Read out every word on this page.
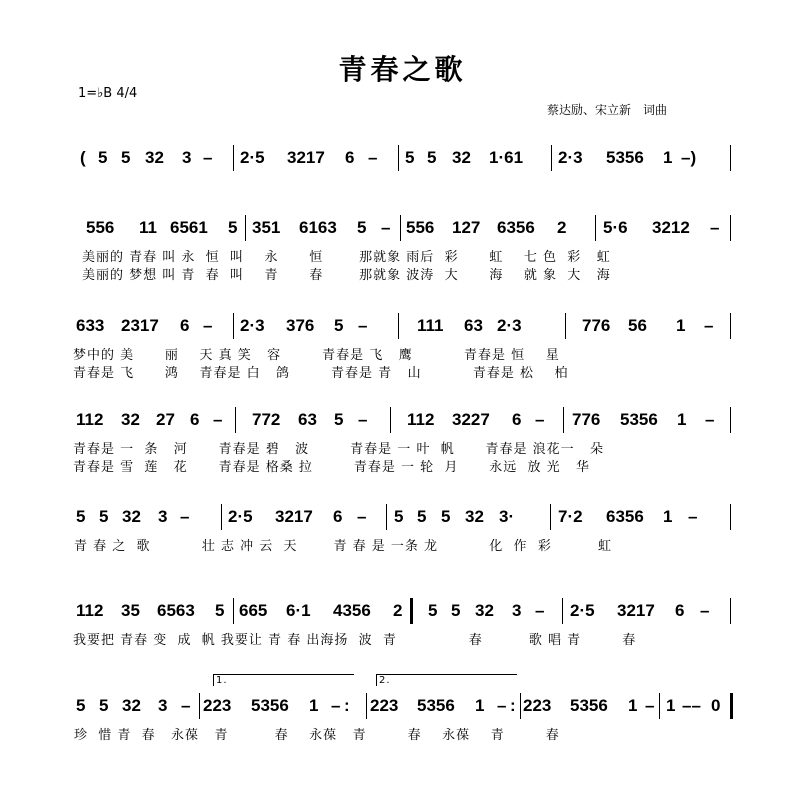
青春之歌
1=♭B 4/4
蔡达励、宋立新　词曲
( 5 5 32 3 – 2·5 3217 6 – 5 5 32 1·61 2·3 5356 1 –)
556 11 6561 5 351 6163 5 – 556 127 6356 2 5·6 3212 –
美丽的 青春 叫 永  恒  叫    永      恒       那就象 雨后  彩      虹    七 色  彩   虹
美丽的 梦想 叫 青  春  叫    青      春       那就象 波涛  大      海    就 象  大   海
633 2317 6 – 2·3 376 5 –	111 63 2·3	776 56 1 –
梦中的 美      丽    天 真 笑   容        青春是 飞   鹰          青春是 恒    星
青春是 飞      鸿    青春是 白   鸽        青春是 青   山          青春是 松    柏
112 32 27 6 – 772 63 5 – 112 3227 6 – 776 5356 1 –
青春是 一  条   河      青春是 碧   波        青春是 一 叶  帆      青春是 浪花一   朵
青春是 雪  莲   花      青春是 格桑 拉        青春是 一 轮  月      永远  放 光   华
5 5 32 3 – 2·5 3217 6 – 5 5 5 32 3·	7·2 6356 1 –
青 春 之  歌          壮 志 冲 云  天       青 春 是 一条 龙          化  作  彩         虹
112 35 6563 5 665 6·1 4356 2 5 5 32 3 – 2·5 3217 6 –
我要把 青春 变  成  帆 我要让 青 春 出海扬  波  青              春         歌 唱 青        春
5 5 32 3 – 223 5356 1 – : 223 5356 1 – : 223 5356 1 – 1 –– 0
1.	2.
珍  惜 青  春   永葆   青         春    永葆   青        春    永葆    青        春
